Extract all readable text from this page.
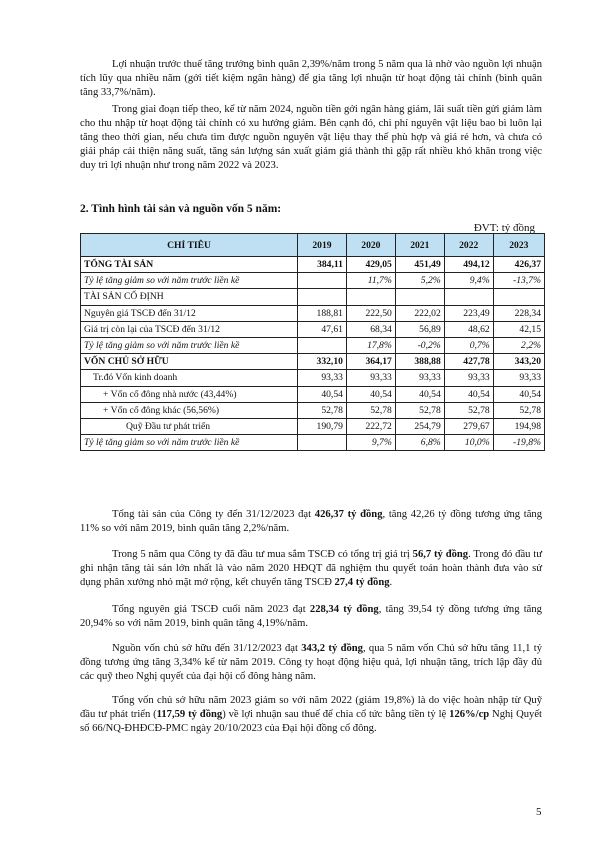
Lợi nhuận trước thuế tăng trưởng bình quân 2,39%/năm trong 5 năm qua là nhờ vào nguồn lợi nhuận tích lũy qua nhiều năm (gởi tiết kiệm ngân hàng) để gia tăng lợi nhuận từ hoạt động tài chính (bình quân tăng 33,7%/năm).

Trong giai đoạn tiếp theo, kể từ năm 2024, nguồn tiền gởi ngân hàng giảm, lãi suất tiền gửi giảm làm cho thu nhập từ hoạt động tài chính có xu hướng giảm. Bên cạnh đó, chi phí nguyên vật liệu bao bì luôn lại tăng theo thời gian, nếu chưa tìm được nguồn nguyên vật liệu thay thế phù hợp và giá rẻ hơn, và chưa có giải pháp cải thiện năng suất, tăng sản lượng sản xuất giảm giá thành thì gặp rất nhiều khó khăn trong việc duy trì lợi nhuận như trong năm 2022 và 2023.

2. Tình hình tài sản và nguồn vốn 5 năm:
ĐVT: tỷ đồng
CHỈ TIÊU	2019	2020	2021	2022	2023
TỔNG TÀI SẢN	384,11	429,05	451,49	494,12	426,37
Tỷ lệ tăng giảm so với năm trước liền kề		11,7%	5,2%	9,4%	-13,7%
TÀI SẢN CỐ ĐỊNH					
Nguyên giá TSCĐ đến 31/12	188,81	222,50	222,02	223,49	228,34
Giá trị còn lại của TSCĐ đến 31/12	47,61	68,34	56,89	48,62	42,15
Tỷ lệ tăng giảm so với năm trước liền kề		17,8%	-0,2%	0,7%	2,2%
VỐN CHỦ SỞ HỮU	332,10	364,17	388,88	427,78	343,20
Tr.đó Vốn kinh doanh	93,33	93,33	93,33	93,33	93,33
+ Vốn cổ đông nhà nước (43,44%)	40,54	40,54	40,54	40,54	40,54
+ Vốn cổ đông khác (56,56%)	52,78	52,78	52,78	52,78	52,78
Quỹ Đầu tư phát triển	190,79	222,72	254,79	279,67	194,98
Tỷ lệ tăng giảm so với năm trước liền kề		9,7%	6,8%	10,0%	-19,8%

Tổng tài sản của Công ty đến 31/12/2023 đạt 426,37 tỷ đồng, tăng 42,26 tỷ đồng tương ứng tăng 11% so với năm 2019, bình quân tăng 2,2%/năm.

Trong 5 năm qua Công ty đã đầu tư mua sắm TSCĐ có tổng trị giá trị 56,7 tỷ đồng. Trong đó đầu tư ghi nhận tăng tài sản lớn nhất là vào năm 2020 HĐQT đã nghiệm thu quyết toán hoàn thành đưa vào sử dụng phân xưởng nhỏ mặt mở rộng, kết chuyển tăng TSCĐ 27,4 tỷ đồng.

Tổng nguyên giá TSCĐ cuối năm 2023 đạt 228,34 tỷ đồng, tăng 39,54 tỷ đồng tương ứng tăng 20,94% so với năm 2019, bình quân tăng 4,19%/năm.

Nguồn vốn chủ sở hữu đến 31/12/2023 đạt 343,2 tỷ đồng, qua 5 năm vốn Chủ sở hữu tăng 11,1 tỷ đồng tương ứng tăng 3,34% kể từ năm 2019. Công ty hoạt động hiệu quả, lợi nhuận tăng, trích lập đầy đủ các quỹ theo Nghị quyết của đại hội cổ đông hàng năm.

Tổng vốn chủ sở hữu năm 2023 giảm so với năm 2022 (giảm 19,8%) là do việc hoàn nhập từ Quỹ đầu tư phát triển (117,59 tỷ đồng) về lợi nhuận sau thuế để chia cổ tức bằng tiền tỷ lệ 126%/cp Nghị Quyết số 66/NQ-ĐHĐCĐ-PMC ngày 20/10/2023 của Đại hội đồng cổ đông.

5
